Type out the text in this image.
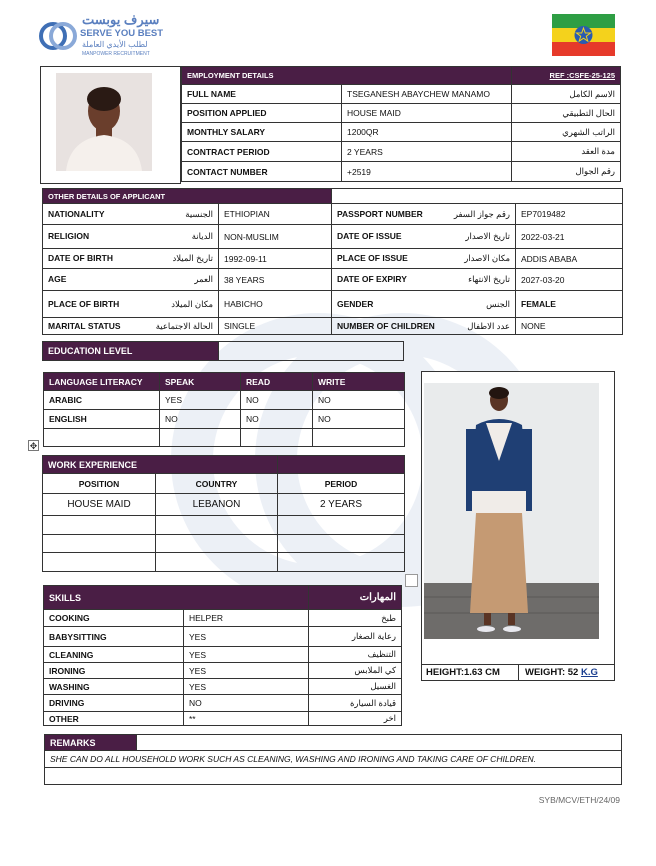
سيرف يوبست
SERVE YOU BEST
لطلب الأيدي العاملة
MANPOWER RECRUITMENT
EMPLOYMENT DETAILS		REF :CSFE-25-125
FULL NAME	TSEGANESH ABAYCHEW MANAMO	الاسم الكامل
POSITION APPLIED	HOUSE MAID	الحال التطبيقي
MONTHLY SALARY	1200QR	الراتب الشهري
CONTRACT PERIOD	2 YEARS	مدة العقد
CONTACT NUMBER	+2519	رقم الجوال
OTHER DETAILS OF APPLICANT			
NATIONALITY الجنسية	ETHIOPIAN	PASSPORT NUMBER رقم جواز السفر	EP7019482
RELIGION الديانة	NON-MUSLIM	DATE OF ISSUE تاريخ الاصدار	2022-03-21
DATE OF BIRTH تاريخ الميلاد	1992-09-11	PLACE OF ISSUE مكان الاصدار	ADDIS ABABA
AGE العمر	38 YEARS	DATE OF EXPIRY تاريخ الانتهاء	2027-03-20
PLACE OF BIRTH مكان الميلاد	HABICHO	GENDER الجنس	FEMALE
MARITAL STATUS الحالة الاجتماعية	SINGLE	NUMBER OF CHILDREN عدد الاطفال	NONE
EDUCATION LEVEL	
LANGUAGE LITERACY	SPEAK	READ	WRITE
ARABIC	YES	NO	NO
ENGLISH	NO	NO	NO

✥
WORK EXPERIENCE		
POSITION	COUNTRY	PERIOD
HOUSE MAID	LEBANON	2 YEARS

SKILLS		المهارات
COOKING	HELPER	طبخ
BABYSITTING	YES	رعاية الصغار
CLEANING	YES	التنظيف
IRONING	YES	كي الملابس
WASHING	YES	الغسيل
DRIVING	NO	قيادة السيارة
OTHER	**	اخر
HEIGHT:1.63 CM	WEIGHT: 52 K.G
REMARKS	
SHE CAN DO ALL HOUSEHOLD WORK SUCH AS CLEANING, WASHING AND IRONING AND TAKING CARE OF CHILDREN.

SYB/MCV/ETH/24/09
